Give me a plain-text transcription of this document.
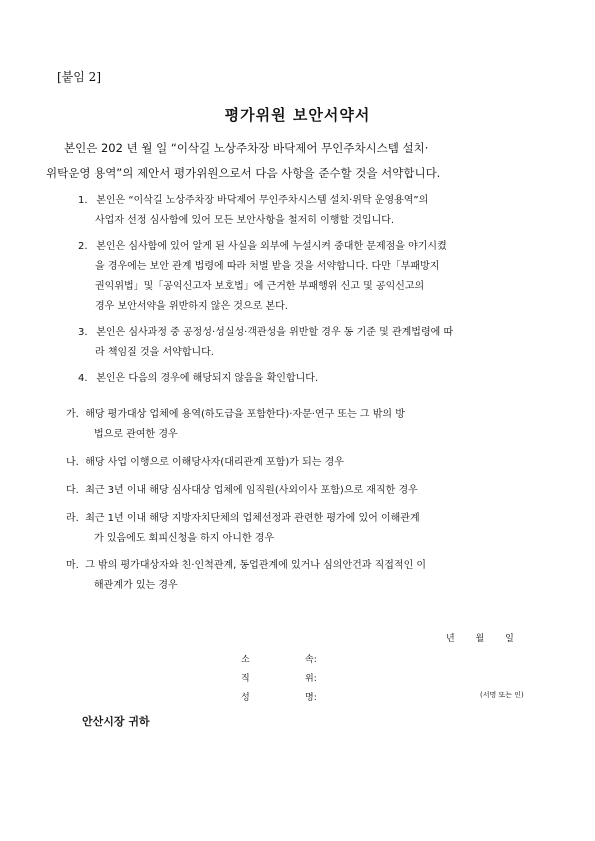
[붙임 2]
평가위원 보안서약서
본인은 202 년 월 일 “이삭길 노상주차장 바닥제어 무인주차시스템 설치·
위탁운영 용역”의 제안서 평가위원으로서 다음 사항을 준수할 것을 서약합니다.
1. 본인은 “이삭길 노상주차장 바닥제어 무인주차시스템 설치·위탁 운영용역”의
사업자 선정 심사함에 있어 모든 보안사항을 철저히 이행할 것입니다.
2. 본인은 심사함에 있어 알게 된 사실을 외부에 누설시켜 중대한 문제점을 야기시켰
을 경우에는 보안 관계 법령에 따라 처벌 받을 것을 서약합니다. 다만「부패방지
권익위법」및「공익신고자 보호법」에 근거한 부패행위 신고 및 공익신고의
경우 보안서약을 위반하지 않은 것으로 본다.
3. 본인은 심사과정 중 공정성·성실성·객관성을 위반할 경우 동 기준 및 관계법령에 따
라 책임질 것을 서약합니다.
4. 본인은 다음의 경우에 해당되지 않음을 확인합니다.
가. 해당 평가대상 업체에 용역(하도급을 포함한다)·자문·연구 또는 그 밖의 방
법으로 관여한 경우
나. 해당 사업 이행으로 이해당사자(대리관계 포함)가 되는 경우
다. 최근 3년 이내 해당 심사대상 업체에 임직원(사외이사 포함)으로 재직한 경우
라. 최근 1년 이내 해당 지방자치단체의 업체선정과 관련한 평가에 있어 이해관계
가 있음에도 회피신청을 하지 아니한 경우
마. 그 밖의 평가대상자와 친·인척관계, 동업관계에 있거나 심의안건과 직접적인 이
해관계가 있는 경우
년 월 일
소	속:
직	위:
성	명:	(서명 또는 인)
안산시장 귀하
